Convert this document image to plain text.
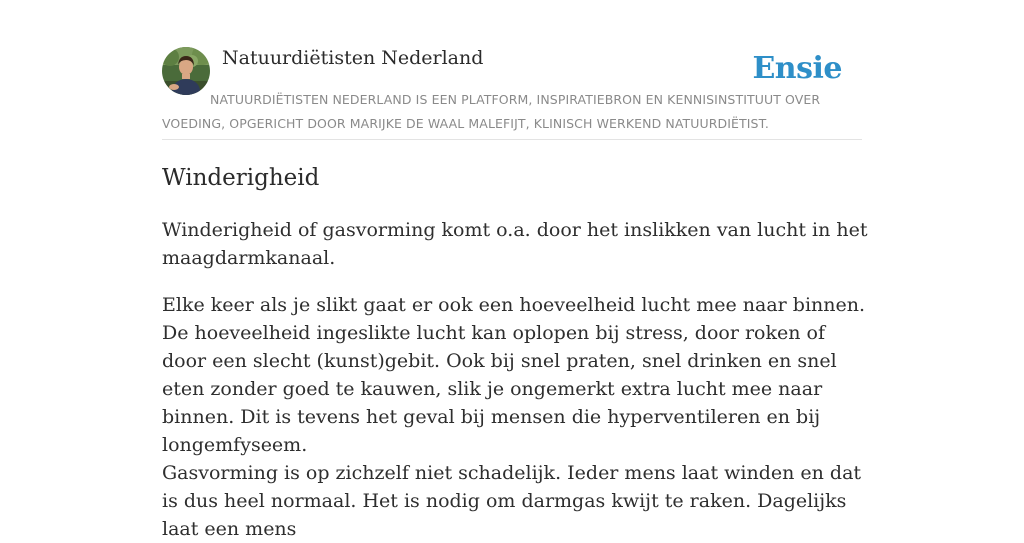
Natuurdiëtisten Nederland	Ensie
NATUURDIËTISTEN NEDERLAND IS EEN PLATFORM, INSPIRATIEBRON EN KENNISINSTITUUT OVER VOEDING, OPGERICHT DOOR MARIJKE DE WAAL MALEFIJT, KLINISCH WERKEND NATUURDIËTIST.
Winderigheid

Winderigheid of gasvorming komt o.a. door het inslikken van lucht in het maagdarmkanaal.

Elke keer als je slikt gaat er ook een hoeveelheid lucht mee naar binnen. De hoeveelheid ingeslikte lucht kan oplopen bij stress, door roken of door een slecht (kunst)gebit. Ook bij snel praten, snel drinken en snel eten zonder goed te kauwen, slik je ongemerkt extra lucht mee naar binnen. Dit is tevens het geval bij mensen die hyperventileren en bij longemfyseem.

Gasvorming is op zichzelf niet schadelijk. Ieder mens laat winden en dat is dus heel normaal. Het is nodig om darmgas kwijt te raken. Dagelijks laat een mens
